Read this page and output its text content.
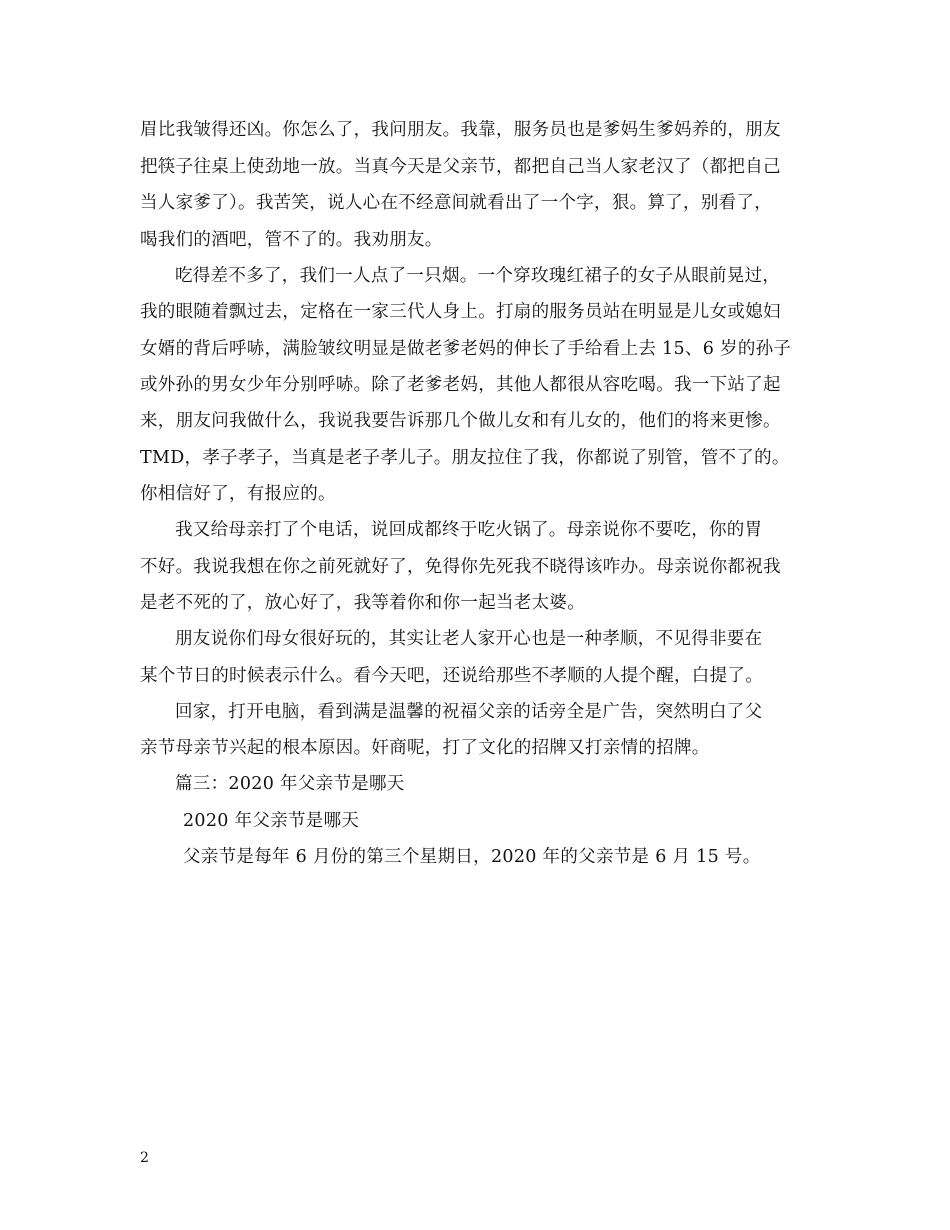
眉比我皱得还凶。你怎么了，我问朋友。我靠，服务员也是爹妈生爹妈养的，朋友
把筷子往桌上使劲地一放。当真今天是父亲节，都把自己当人家老汉了（都把自己
当人家爹了）。我苦笑，说人心在不经意间就看出了一个字，狠。算了，别看了，
喝我们的酒吧，管不了的。我劝朋友。
吃得差不多了，我们一人点了一只烟。一个穿玫瑰红裙子的女子从眼前晃过，
我的眼随着飘过去，定格在一家三代人身上。打扇的服务员站在明显是儿女或媳妇
女婿的背后呼哧，满脸皱纹明显是做老爹老妈的伸长了手给看上去 15、6 岁的孙子
或外孙的男女少年分别呼哧。除了老爹老妈，其他人都很从容吃喝。我一下站了起
来，朋友问我做什么，我说我要告诉那几个做儿女和有儿女的，他们的将来更惨。
TMD，孝子孝子，当真是老子孝儿子。朋友拉住了我，你都说了别管，管不了的。
你相信好了，有报应的。
我又给母亲打了个电话，说回成都终于吃火锅了。母亲说你不要吃，你的胃
不好。我说我想在你之前死就好了，免得你先死我不晓得该咋办。母亲说你都祝我
是老不死的了，放心好了，我等着你和你一起当老太婆。
朋友说你们母女很好玩的，其实让老人家开心也是一种孝顺，不见得非要在
某个节日的时候表示什么。看今天吧，还说给那些不孝顺的人提个醒，白提了。
回家，打开电脑，看到满是温馨的祝福父亲的话旁全是广告，突然明白了父
亲节母亲节兴起的根本原因。奸商呢，打了文化的招牌又打亲情的招牌。
篇三：2020 年父亲节是哪天
2020 年父亲节是哪天
父亲节是每年 6 月份的第三个星期日，2020 年的父亲节是 6 月 15 号。
2
